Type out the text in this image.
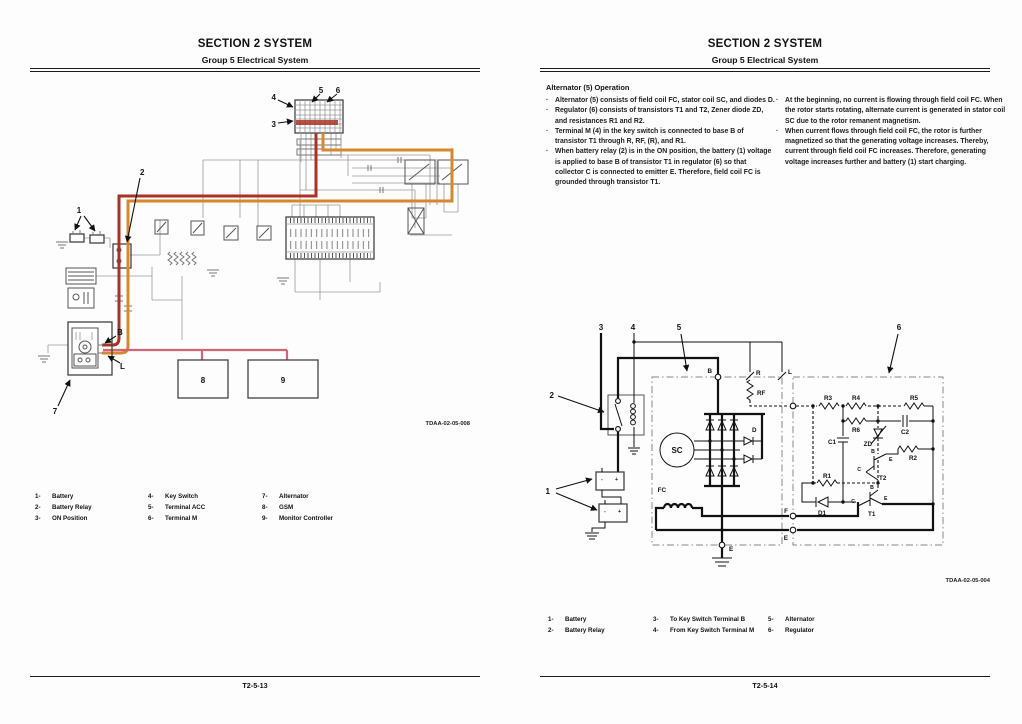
SECTION 2 SYSTEM
Group 5 Electrical System
8	9
1
2
3
4
5 6
7
B
L
TDAA-02-05-008
1- Battery
2- Battery Relay
3- ON Position
4- Key Switch
5- Terminal ACC
6- Terminal M
7- Alternator
8- GSM
9- Monitor Controller
T2-5-13
SECTION 2 SYSTEM
Group 5 Electrical System
Alternator (5) Operation
· Alternator (5) consists of field coil FC, stator coil SC, and diodes D.
· Regulator (6) consists of transistors T1 and T2, Zener diode ZD, and resistances R1 and R2.
· Terminal M (4) in the key switch is connected to base B of transistor T1 through R, RF, (R), and R1.
· When battery relay (2) is in the ON position, the battery (1) voltage is applied to base B of transistor T1 in regulator (6) so that collector C is connected to emitter E. Therefore, field coil FC is grounded through transistor T1.
· At the beginning, no current is flowing through field coil FC. When the rotor starts rotating, alternate current is generated in stator coil SC due to the rotor remanent magnetism.
· When current flows through field coil FC, the rotor is further magnetized so that the generating voltage increases. Thereby, current through field coil FC increases. Therefore, generating voltage increases further and battery (1) start charging.
R	L
B
RF
- +
- +
SC
D
FC
E
F
E
R3	R4	R5
R6	C2
ZD
C1
B
C
E
T2
R2
R1
B
C	E
T1
D1
3	4	5	6
2
1
TDAA-02-05-004
1- Battery
2- Battery Relay
3- To Key Switch Terminal B
4- From Key Switch Terminal M
5- Alternator
6- Regulator
T2-5-14
